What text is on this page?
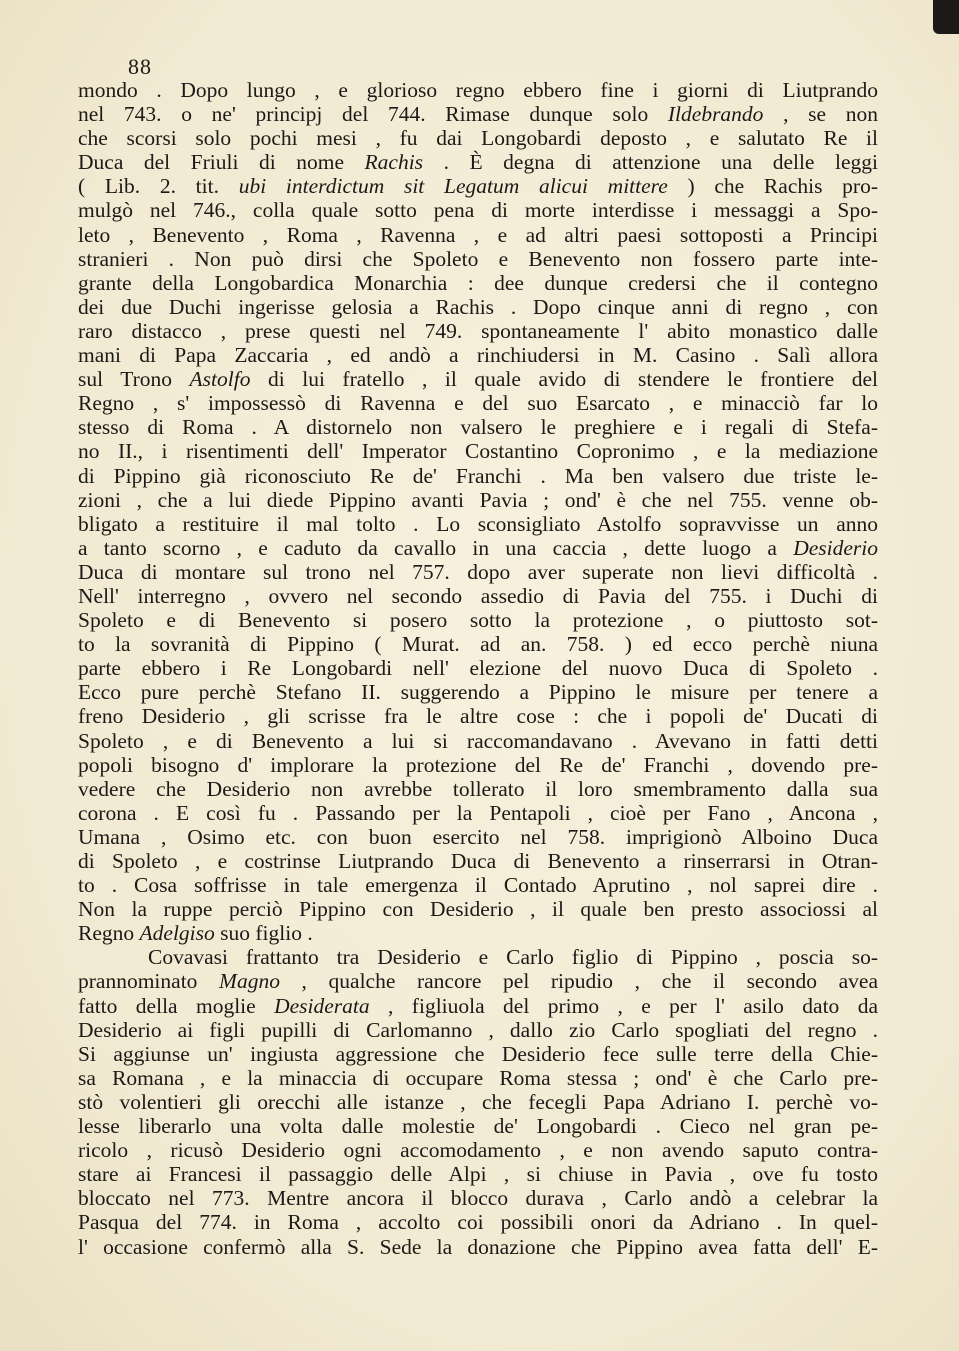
88
mondo . Dopo lungo , e glorioso regno ebbero fine i giorni di Liutprando
nel 743. o ne' principj del 744. Rimase dunque solo Ildebrando , se non
che scorsi solo pochi mesi , fu dai Longobardi deposto , e salutato Re il
Duca del Friuli di nome Rachis . È degna di attenzione una delle leggi
( Lib. 2. tit. ubi interdictum sit Legatum alicui mittere ) che Rachis pro-
mulgò nel 746., colla quale sotto pena di morte interdisse i messaggi a Spo-
leto , Benevento , Roma , Ravenna , e ad altri paesi sottoposti a Principi
stranieri . Non può dirsi che Spoleto e Benevento non fossero parte inte-
grante della Longobardica Monarchia : dee dunque credersi che il contegno
dei due Duchi ingerisse gelosia a Rachis . Dopo cinque anni di regno , con
raro distacco , prese questi nel 749. spontaneamente l' abito monastico dalle
mani di Papa Zaccaria , ed andò a rinchiudersi in M. Casino . Salì allora
sul Trono Astolfo di lui fratello , il quale avido di stendere le frontiere del
Regno , s' impossessò di Ravenna e del suo Esarcato , e minacciò far lo
stesso di Roma . A distornelo non valsero le preghiere e i regali di Stefa-
no II., i risentimenti dell' Imperator Costantino Copronimo , e la mediazione
di Pippino già riconosciuto Re de' Franchi . Ma ben valsero due triste le-
zioni , che a lui diede Pippino avanti Pavia ; ond' è che nel 755. venne ob-
bligato a restituire il mal tolto . Lo sconsigliato Astolfo sopravvisse un anno
a tanto scorno , e caduto da cavallo in una caccia , dette luogo a Desiderio
Duca di montare sul trono nel 757. dopo aver superate non lievi difficoltà .
Nell' interregno , ovvero nel secondo assedio di Pavia del 755. i Duchi di
Spoleto e di Benevento si posero sotto la protezione , o piuttosto sot-
to la sovranità di Pippino ( Murat. ad an. 758. ) ed ecco perchè niuna
parte ebbero i Re Longobardi nell' elezione del nuovo Duca di Spoleto .
Ecco pure perchè Stefano II. suggerendo a Pippino le misure per tenere a
freno Desiderio , gli scrisse fra le altre cose : che i popoli de' Ducati di
Spoleto , e di Benevento a lui si raccomandavano . Avevano in fatti detti
popoli bisogno d' implorare la protezione del Re de' Franchi , dovendo pre-
vedere che Desiderio non avrebbe tollerato il loro smembramento dalla sua
corona . E così fu . Passando per la Pentapoli , cioè per Fano , Ancona ,
Umana , Osimo etc. con buon esercito nel 758. imprigionò Alboino Duca
di Spoleto , e costrinse Liutprando Duca di Benevento a rinserrarsi in Otran-
to . Cosa soffrisse in tale emergenza il Contado Aprutino , nol saprei dire .
Non la ruppe perciò Pippino con Desiderio , il quale ben presto associossi al
Regno Adelgiso suo figlio .
Covavasi frattanto tra Desiderio e Carlo figlio di Pippino , poscia so-
prannominato Magno , qualche rancore pel ripudio , che il secondo avea
fatto della moglie Desiderata , figliuola del primo , e per l' asilo dato da
Desiderio ai figli pupilli di Carlomanno , dallo zio Carlo spogliati del regno .
Si aggiunse un' ingiusta aggressione che Desiderio fece sulle terre della Chie-
sa Romana , e la minaccia di occupare Roma stessa ; ond' è che Carlo pre-
stò volentieri gli orecchi alle istanze , che fecegli Papa Adriano I. perchè vo-
lesse liberarlo una volta dalle molestie de' Longobardi . Cieco nel gran pe-
ricolo , ricusò Desiderio ogni accomodamento , e non avendo saputo contra-
stare ai Francesi il passaggio delle Alpi , si chiuse in Pavia , ove fu tosto
bloccato nel 773. Mentre ancora il blocco durava , Carlo andò a celebrar la
Pasqua del 774. in Roma , accolto coi possibili onori da Adriano . In quel-
l' occasione confermò alla S. Sede la donazione che Pippino avea fatta dell' E-
